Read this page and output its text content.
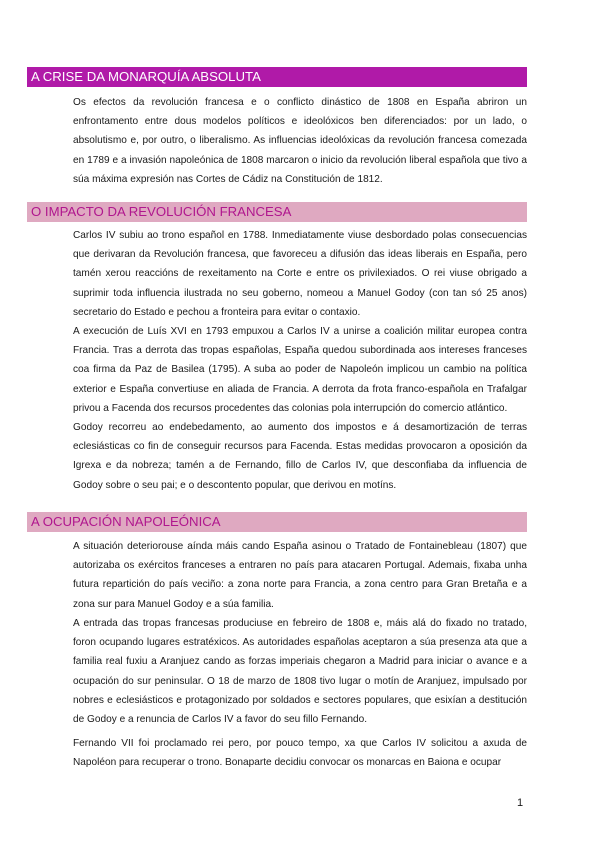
A CRISE DA MONARQUÍA ABSOLUTA

Os efectos da revolución francesa e o conflicto dinástico de 1808 en España abriron un enfrontamento entre dous modelos políticos e ideolóxicos ben diferenciados: por un lado, o absolutismo e, por outro, o liberalismo. As influencias ideolóxicas da revolución francesa comezada en 1789 e a invasión napoleónica de 1808 marcaron o inicio da revolución liberal española que tivo a súa máxima expresión nas Cortes de Cádiz na Constitución de 1812.

O IMPACTO DA REVOLUCIÓN FRANCESA

Carlos IV subiu ao trono español en 1788. Inmediatamente viuse desbordado polas consecuencias que derivaran da Revolución francesa, que favoreceu a difusión das ideas liberais en España, pero tamén xerou reaccións de rexeitamento na Corte e entre os privilexiados. O rei viuse obrigado a suprimir toda influencia ilustrada no seu goberno, nomeou a Manuel Godoy (con tan só 25 anos) secretario do Estado e pechou a fronteira para evitar o contaxio.

A execución de Luís XVI en 1793 empuxou a Carlos IV a unirse a coalición militar europea contra Francia. Tras a derrota das tropas españolas, España quedou subordinada aos intereses franceses coa firma da Paz de Basilea (1795). A suba ao poder de Napoleón implicou un cambio na política exterior e España convertiuse en aliada de Francia. A derrota da frota franco-española en Trafalgar privou a Facenda dos recursos procedentes das colonias pola interrupción do comercio atlántico.

Godoy recorreu ao endebedamento, ao aumento dos impostos e á desamortización de terras eclesiásticas co fin de conseguir recursos para Facenda. Estas medidas provocaron a oposición da Igrexa e da nobreza; tamén a de Fernando, fillo de Carlos IV, que desconfiaba da influencia de Godoy sobre o seu pai; e o descontento popular, que derivou en motíns.

A OCUPACIÓN NAPOLEÓNICA

A situación deteriorouse aínda máis cando España asinou o Tratado de Fontainebleau (1807) que autorizaba os exércitos franceses a entraren no país para atacaren Portugal. Ademais, fixaba unha futura repartición do país veciño: a zona norte para Francia, a zona centro para Gran Bretaña e a zona sur para Manuel Godoy e a súa familia.

A entrada das tropas francesas produciuse en febreiro de 1808 e, máis alá do fixado no tratado, foron ocupando lugares estratéxicos. As autoridades españolas aceptaron a súa presenza ata que a familia real fuxiu a Aranjuez cando as forzas imperiais chegaron a Madrid para iniciar o avance e a ocupación do sur peninsular. O 18 de marzo de 1808 tivo lugar o motín de Aranjuez, impulsado por nobres e eclesiásticos e protagonizado por soldados e sectores populares, que esixían a destitución de Godoy e a renuncia de Carlos IV a favor do seu fillo Fernando.

Fernando VII foi proclamado rei pero, por pouco tempo, xa que Carlos IV solicitou a axuda de Napoléon para recuperar o trono. Bonaparte decidiu convocar os monarcas en Baiona e ocupar

1
